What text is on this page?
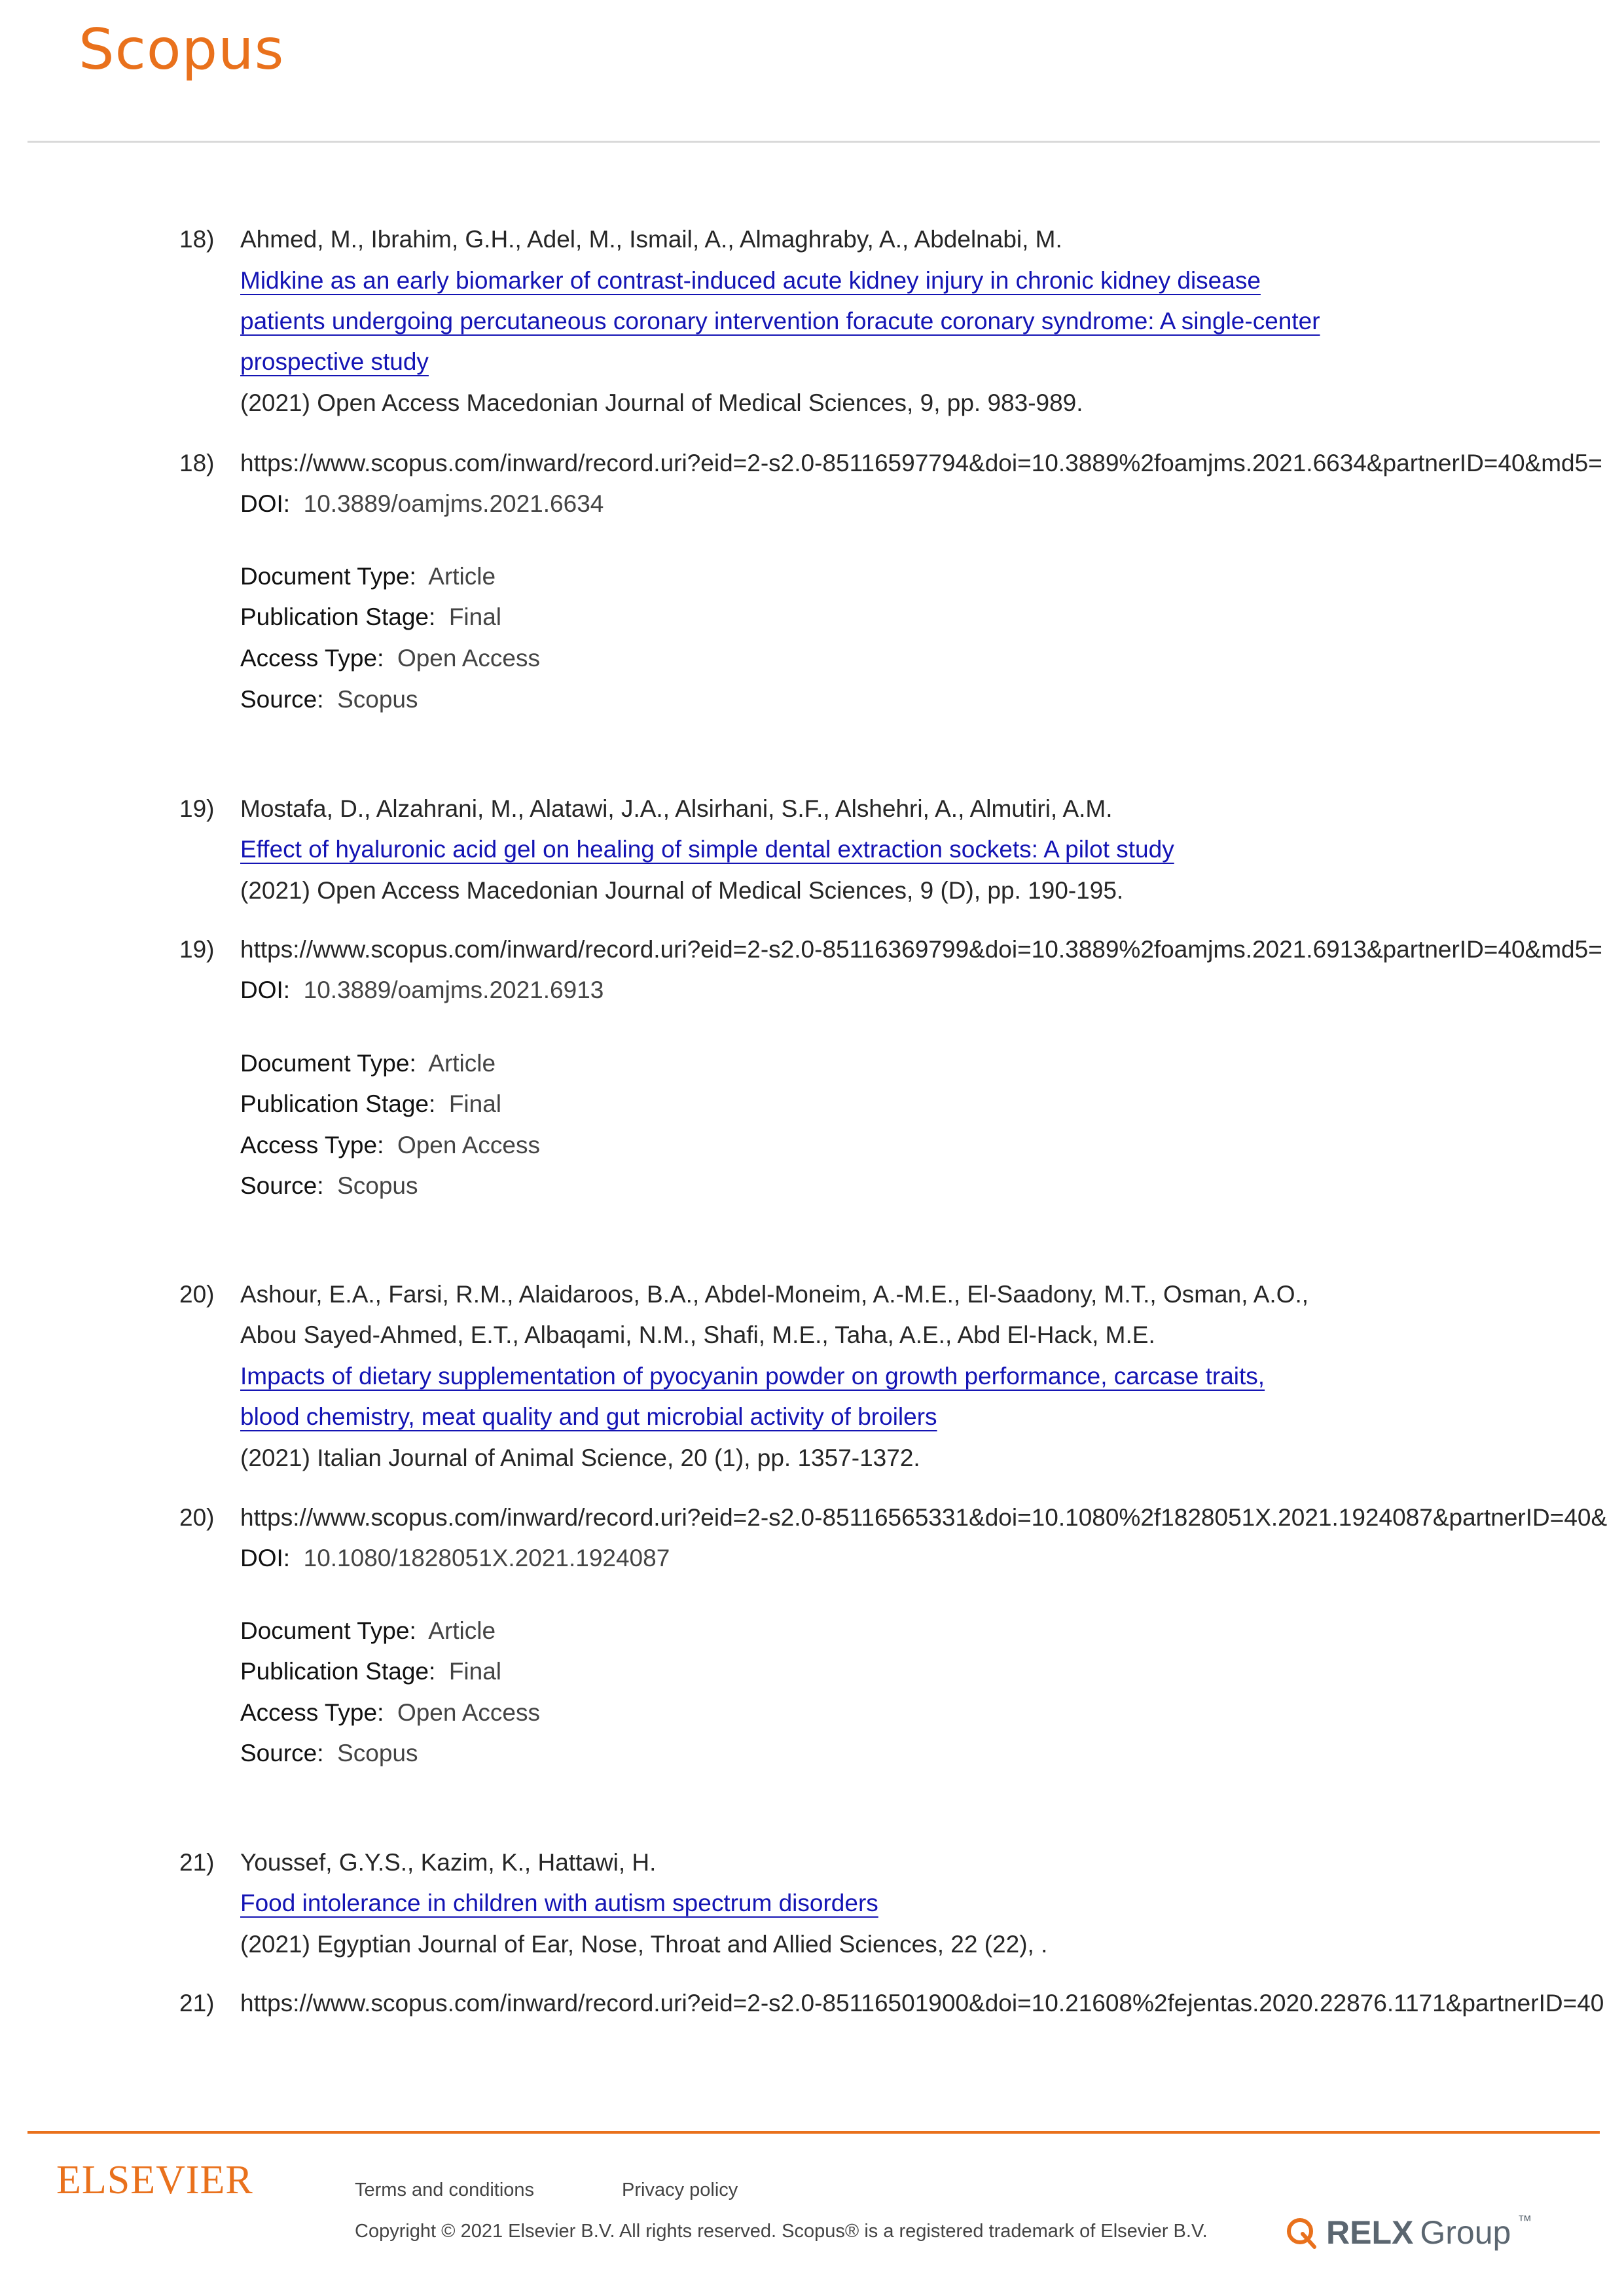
Scopus
18) Ahmed, M., Ibrahim, G.H., Adel, M., Ismail, A., Almaghraby, A., Abdelnabi, M.
Midkine as an early biomarker of contrast-induced acute kidney injury in chronic kidney disease
patients undergoing percutaneous coronary intervention foracute coronary syndrome: A single-center
prospective study
(2021) Open Access Macedonian Journal of Medical Sciences, 9, pp. 983-989.
18) https://www.scopus.com/inward/record.uri?eid=2-s2.0-85116597794&doi=10.3889%2foamjms.2021.6634&partnerID=40&md5=
DOI: 10.3889/oamjms.2021.6634
Document Type: Article
Publication Stage: Final
Access Type: Open Access
Source: Scopus
19) Mostafa, D., Alzahrani, M., Alatawi, J.A., Alsirhani, S.F., Alshehri, A., Almutiri, A.M.
Effect of hyaluronic acid gel on healing of simple dental extraction sockets: A pilot study
(2021) Open Access Macedonian Journal of Medical Sciences, 9 (D), pp. 190-195.
19) https://www.scopus.com/inward/record.uri?eid=2-s2.0-85116369799&doi=10.3889%2foamjms.2021.6913&partnerID=40&md5=
DOI: 10.3889/oamjms.2021.6913
Document Type: Article
Publication Stage: Final
Access Type: Open Access
Source: Scopus
20) Ashour, E.A., Farsi, R.M., Alaidaroos, B.A., Abdel-Moneim, A.-M.E., El-Saadony, M.T., Osman, A.O.,
Abou Sayed-Ahmed, E.T., Albaqami, N.M., Shafi, M.E., Taha, A.E., Abd El-Hack, M.E.
Impacts of dietary supplementation of pyocyanin powder on growth performance, carcase traits,
blood chemistry, meat quality and gut microbial activity of broilers
(2021) Italian Journal of Animal Science, 20 (1), pp. 1357-1372.
20) https://www.scopus.com/inward/record.uri?eid=2-s2.0-85116565331&doi=10.1080%2f1828051X.2021.1924087&partnerID=40&
DOI: 10.1080/1828051X.2021.1924087
Document Type: Article
Publication Stage: Final
Access Type: Open Access
Source: Scopus
21) Youssef, G.Y.S., Kazim, K., Hattawi, H.
Food intolerance in children with autism spectrum disorders
(2021) Egyptian Journal of Ear, Nose, Throat and Allied Sciences, 22 (22), .
21) https://www.scopus.com/inward/record.uri?eid=2-s2.0-85116501900&doi=10.21608%2fejentas.2020.22876.1171&partnerID=40
ELSEVIER	Terms and conditions	Privacy policy
Copyright © 2021 Elsevier B.V. All rights reserved. Scopus® is a registered trademark of Elsevier B.V.	RELX Group ™
